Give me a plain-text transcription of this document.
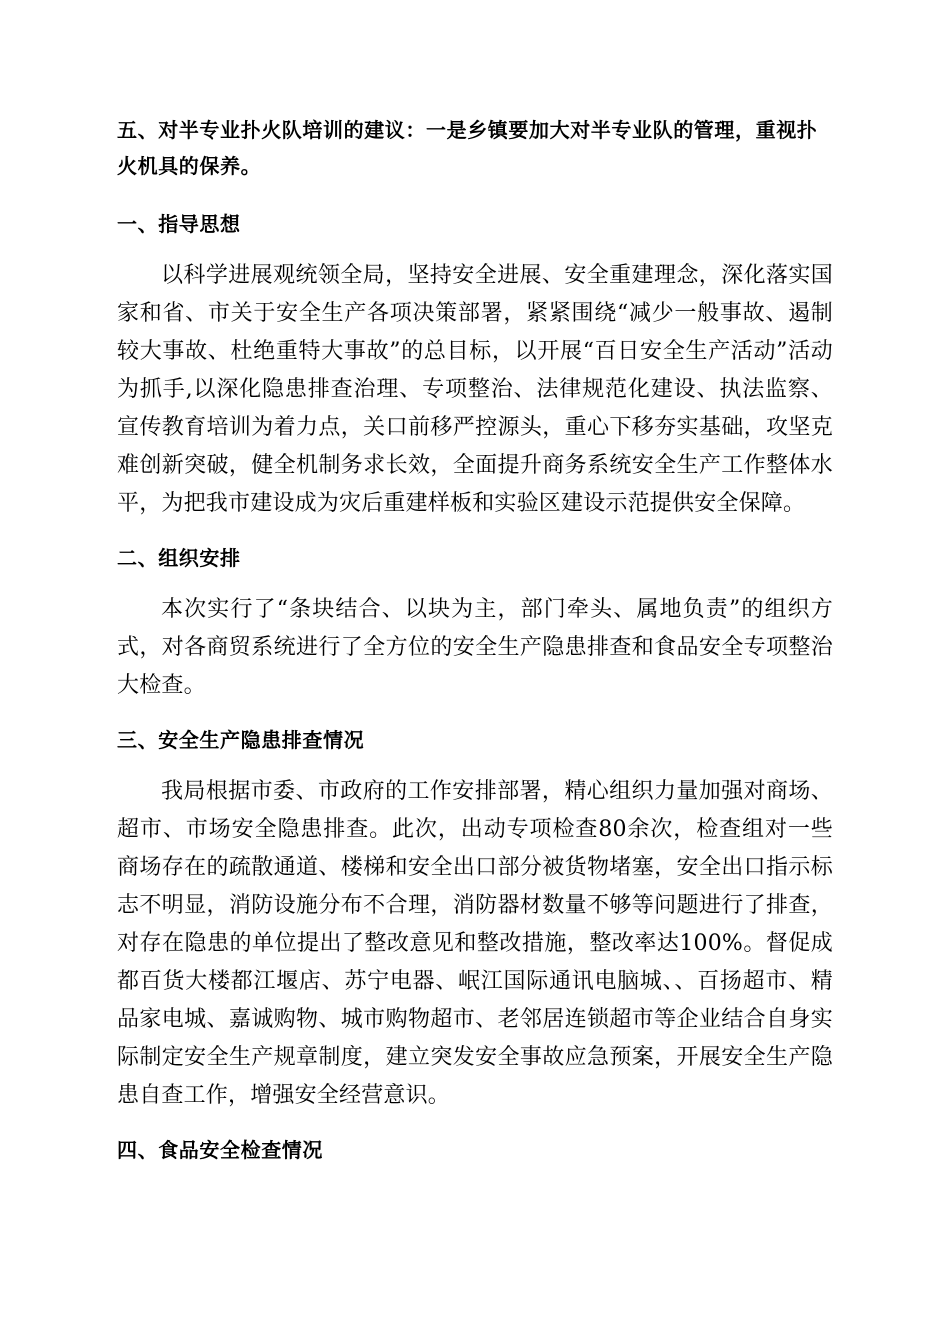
五、对半专业扑火队培训的建议：一是乡镇要加大对半专业队的管理，重视扑火机具的保养。

一、指导思想

以科学进展观统领全局，坚持安全进展、安全重建理念，深化落实国家和省、市关于安全生产各项决策部署，紧紧围绕“减少一般事故、遏制较大事故、杜绝重特大事故”的总目标，以开展“百日安全生产活动”活动为抓手,以深化隐患排查治理、专项整治、法律规范化建设、执法监察、宣传教育培训为着力点，关口前移严控源头，重心下移夯实基础，攻坚克难创新突破，健全机制务求长效，全面提升商务系统安全生产工作整体水平，为把我市建设成为灾后重建样板和实验区建设示范提供安全保障。

二、组织安排

本次实行了“条块结合、以块为主，部门牵头、属地负责”的组织方式，对各商贸系统进行了全方位的安全生产隐患排查和食品安全专项整治大检查。

三、安全生产隐患排查情况

我局根据市委、市政府的工作安排部署，精心组织力量加强对商场、超市、市场安全隐患排查。此次，出动专项检查80余次，检查组对一些商场存在的疏散通道、楼梯和安全出口部分被货物堵塞，安全出口指示标志不明显，消防设施分布不合理，消防器材数量不够等问题进行了排查，对存在隐患的单位提出了整改意见和整改措施，整改率达100%。督促成都百货大楼都江堰店、苏宁电器、岷江国际通讯电脑城、、百扬超市、精品家电城、嘉诚购物、城市购物超市、老邻居连锁超市等企业结合自身实际制定安全生产规章制度，建立突发安全事故应急预案，开展安全生产隐患自查工作，增强安全经营意识。

四、食品安全检查情况
